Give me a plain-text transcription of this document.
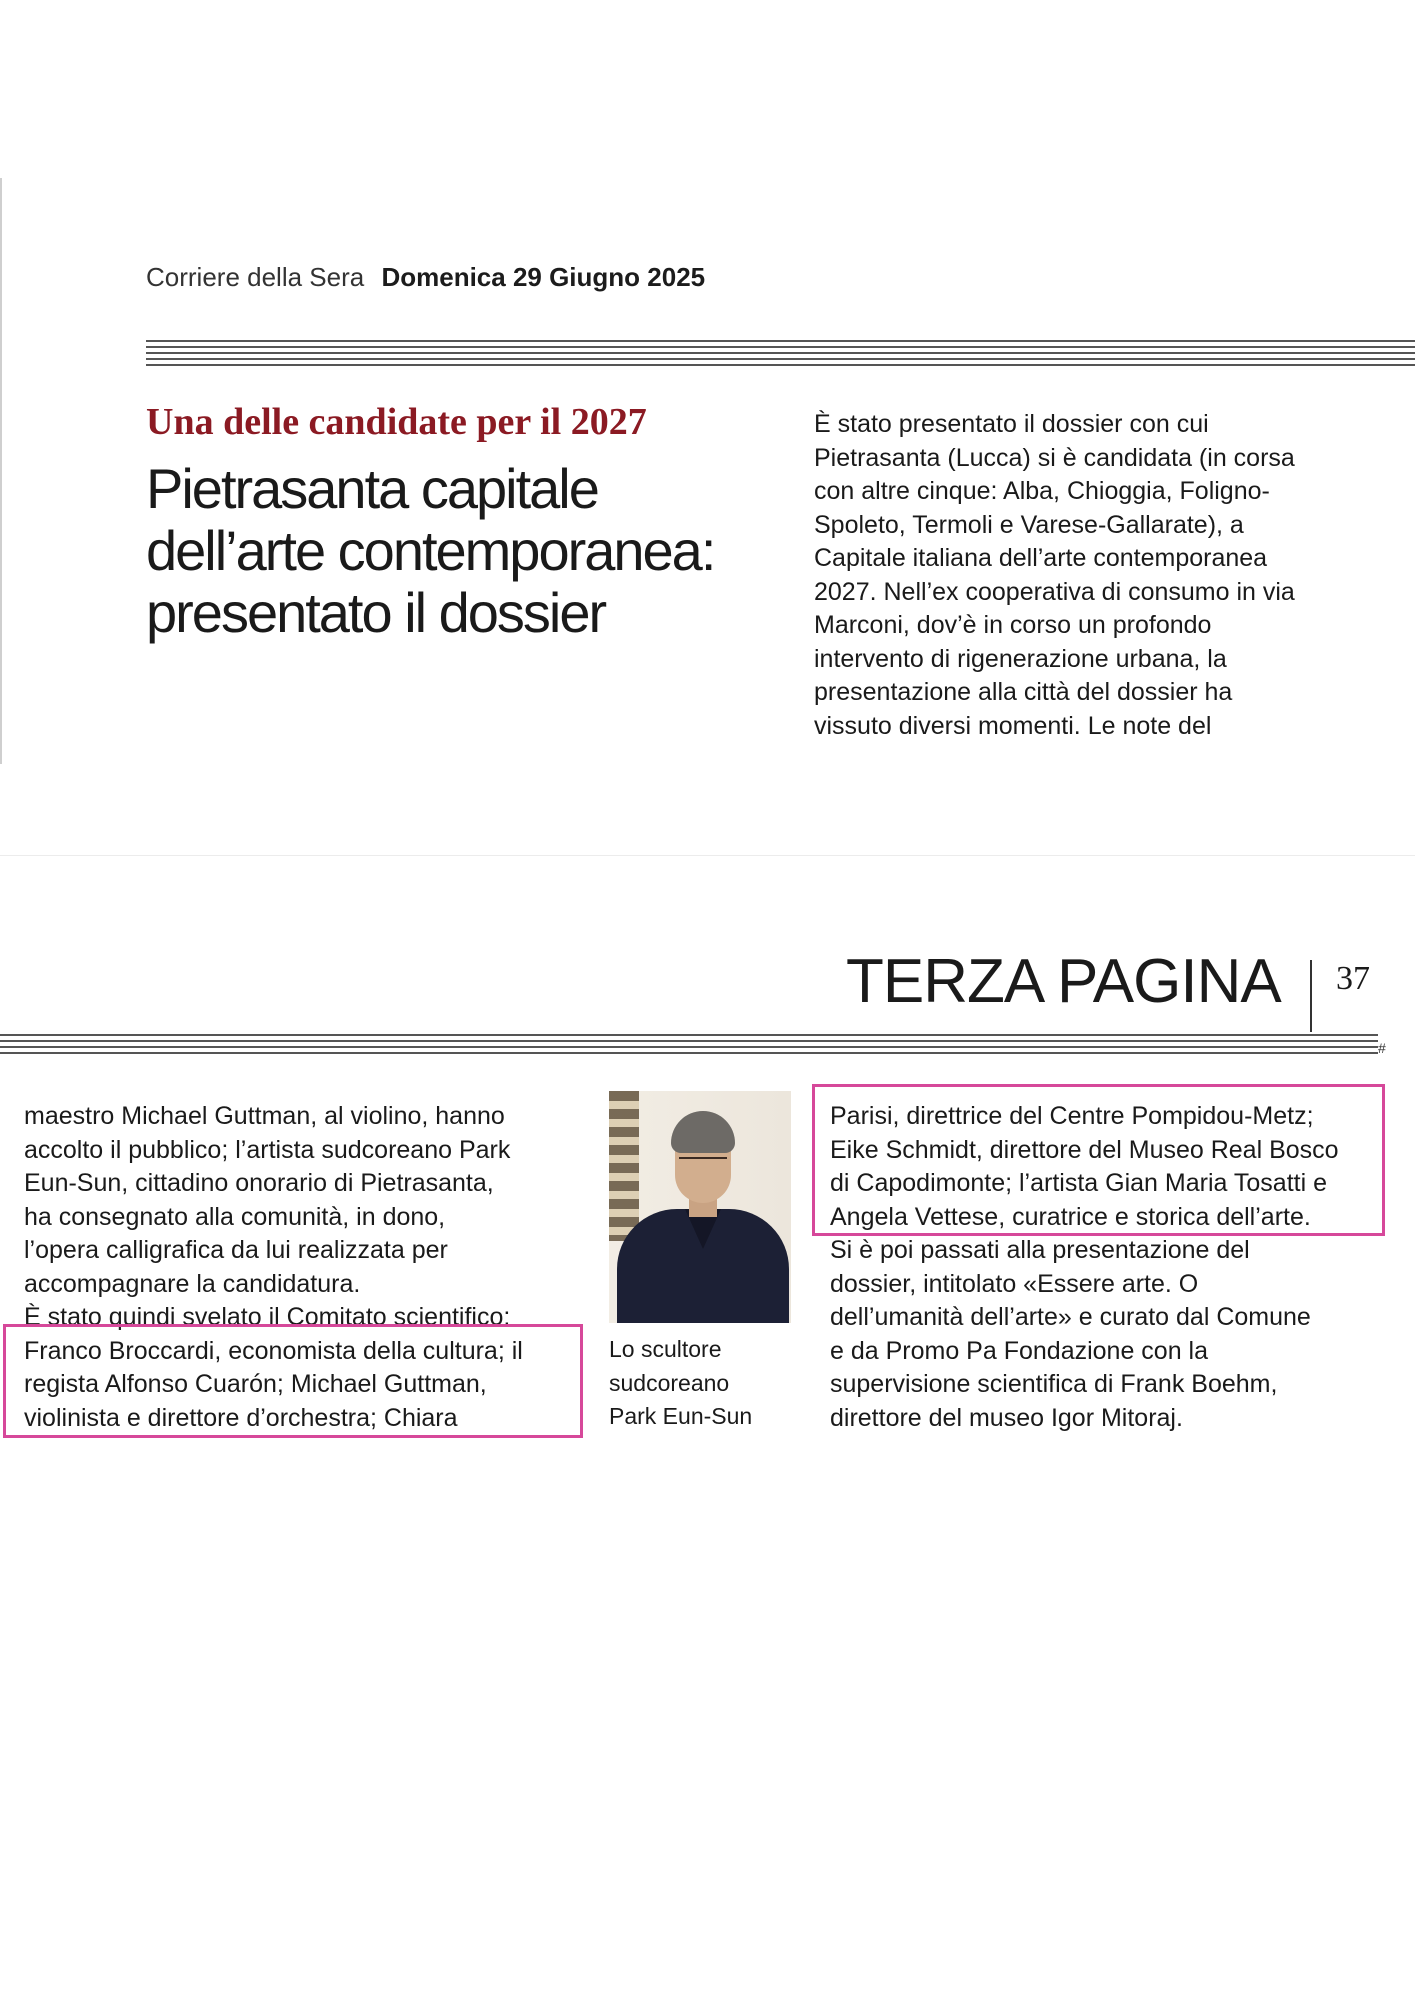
Corriere della Sera Domenica 29 Giugno 2025
Una delle candidate per il 2027
Pietrasanta capitale
dell’arte contemporanea:
presentato il dossier
È stato presentato il dossier con cui
Pietrasanta (Lucca) si è candidata (in corsa
con altre cinque: Alba, Chioggia, Foligno-
Spoleto, Termoli e Varese-Gallarate), a
Capitale italiana dell’arte contemporanea
2027. Nell’ex cooperativa di consumo in via
Marconi, dov’è in corso un profondo
intervento di rigenerazione urbana, la
presentazione alla città del dossier ha
vissuto diversi momenti. Le note del
TERZA PAGINA 37
#
maestro Michael Guttman, al violino, hanno
accolto il pubblico; l’artista sudcoreano Park
Eun-Sun, cittadino onorario di Pietrasanta,
ha consegnato alla comunità, in dono,
l’opera calligrafica da lui realizzata per
accompagnare la candidatura.
È stato quindi svelato il Comitato scientifico:
Franco Broccardi, economista della cultura; il
regista Alfonso Cuarón; Michael Guttman,
violinista e direttore d’orchestra; Chiara
Lo scultore
sudcoreano
Park Eun-Sun
Parisi, direttrice del Centre Pompidou-Metz;
Eike Schmidt, direttore del Museo Real Bosco
di Capodimonte; l’artista Gian Maria Tosatti e
Angela Vettese, curatrice e storica dell’arte.
Si è poi passati alla presentazione del
dossier, intitolato «Essere arte. O
dell’umanità dell’arte» e curato dal Comune
e da Promo Pa Fondazione con la
supervisione scientifica di Frank Boehm,
direttore del museo Igor Mitoraj.
